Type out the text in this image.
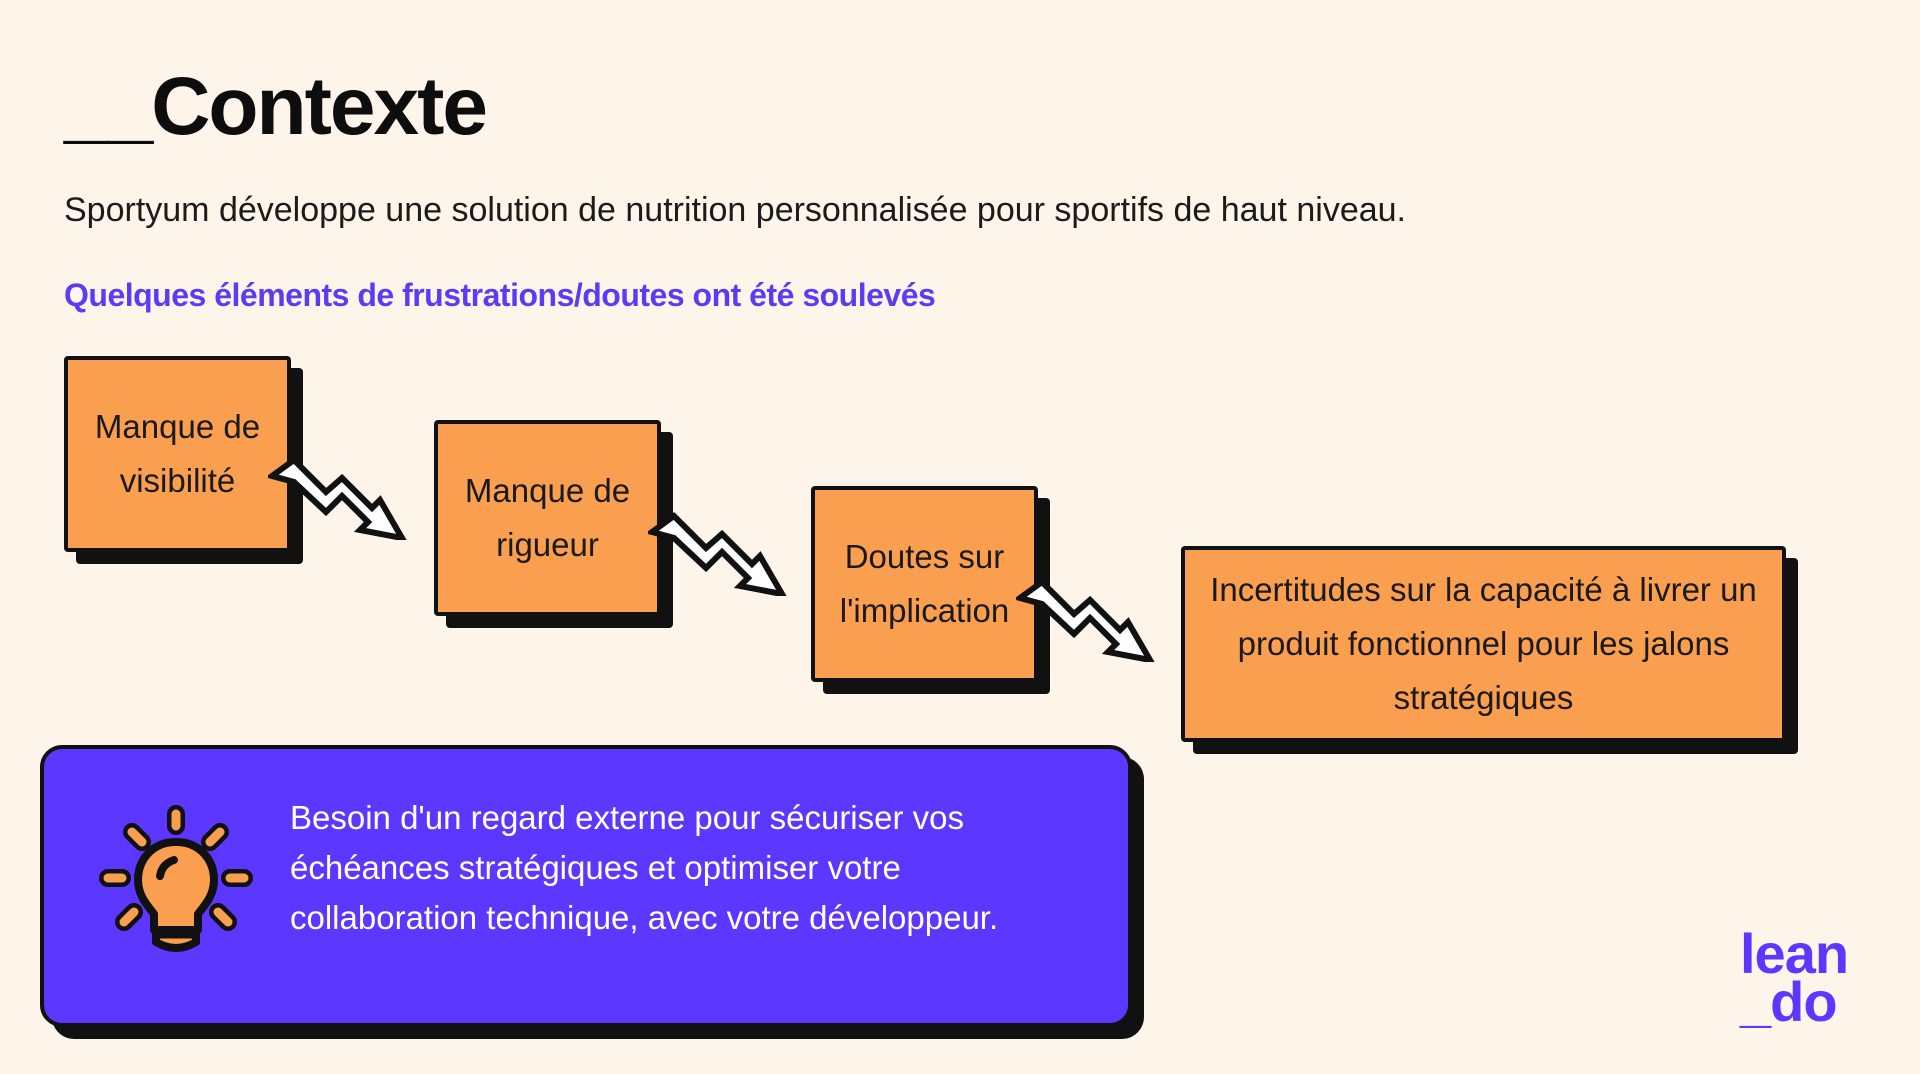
__Contexte

Sportyum développe une solution de nutrition personnalisée pour sportifs de haut niveau.

Quelques éléments de frustrations/doutes ont été soulevés
Manque de visibilité	Manque de rigueur	Doutes sur l'implication
Incertitudes sur la capacité à livrer un produit fonctionnel pour les jalons stratégiques

Besoin d'un regard externe pour sécuriser vos échéances stratégiques et optimiser votre collaboration technique, avec votre développeur.

lean
_do
